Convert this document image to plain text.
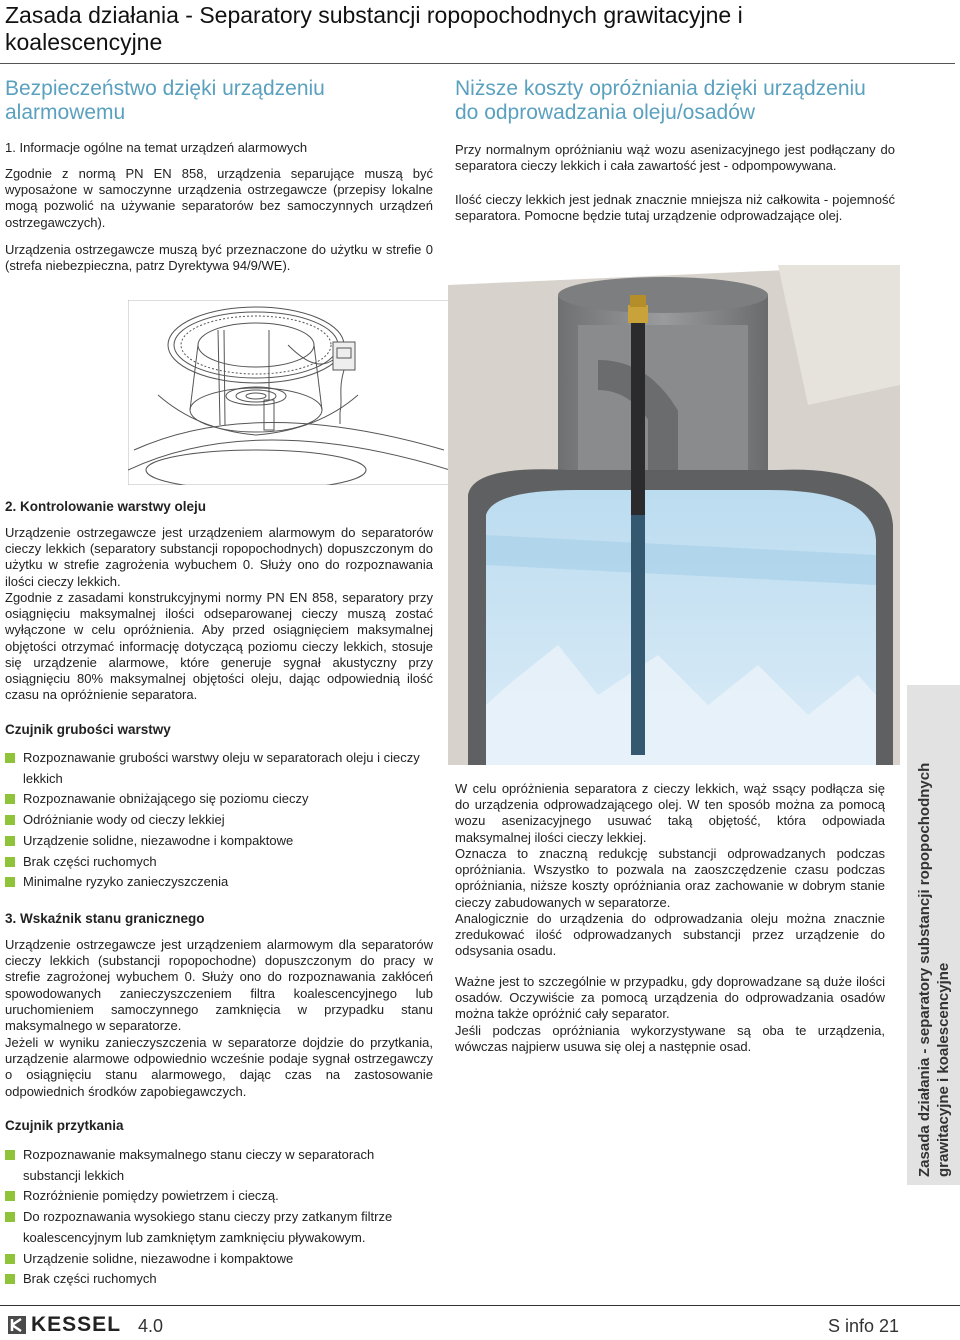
Zasada działania - Separatory substancji ropopochodnych grawitacyjne i koalescencyjne
Bezpieczeństwo dzięki urządzeniu alarmowemu
1. Informacje ogólne na temat urządzeń alarmowych

Zgodnie z normą PN EN 858, urządzenia separujące muszą być wyposażone w samoczynne urządzenia ostrzegawcze (przepisy lokalne mogą pozwolić na używanie separatorów bez samoczynnych urządzeń ostrzegawczych).

Urządzenia ostrzegawcze muszą być przeznaczone do użytku w strefie 0 (strefa niebezpieczna, patrz Dyrektywa 94/9/WE).

2. Kontrolowanie warstwy oleju

Urządzenie ostrzegawcze jest urządzeniem alarmowym do separatorów cieczy lekkich (separatory substancji ropopochodnych) dopuszczonym do użytku w strefie zagrożenia wybuchem 0. Służy ono do rozpoznawania ilości cieczy lekkich.

Zgodnie z zasadami konstrukcyjnymi normy PN EN 858, separatory przy osiągnięciu maksymalnej ilości odseparowanej cieczy muszą zostać wyłączone w celu opróżnienia. Aby przed osiągnięciem maksymalnej objętości otrzymać informację dotyczącą poziomu cieczy lekkich, stosuje się urządzenie alarmowe, które generuje sygnał akustyczny przy osiągnięciu 80% maksymalnej objętości oleju, dając odpowiednią ilość czasu na opróżnienie separatora.

Czujnik grubości warstwy
Rozpoznawanie grubości warstwy oleju w separatorach oleju i cieczy lekkich
Rozpoznawanie obniżającego się poziomu cieczy
Odróżnianie wody od cieczy lekkiej
Urządzenie solidne, niezawodne i kompaktowe
Brak części ruchomych
Minimalne ryzyko zanieczyszczenia
3. Wskaźnik stanu granicznego

Urządzenie ostrzegawcze jest urządzeniem alarmowym dla separatorów cieczy lekkich (substancji ropopochodne) dopuszczonym do pracy w strefie zagrożonej wybuchem 0. Służy ono do rozpoznawania zakłóceń spowodowanych zanieczyszczeniem filtra koalescencyjnego lub uruchomieniem samoczynnego zamknięcia w przypadku stanu maksymalnego w separatorze.

Jeżeli w wyniku zanieczyszczenia w separatorze dojdzie do przytkania, urządzenie alarmowe odpowiednio wcześnie podaje sygnał ostrzegawczy o osiągnięciu stanu alarmowego, dając czas na zastosowanie odpowiednich środków zapobiegawczych.

Czujnik przytkania
Rozpoznawanie maksymalnego stanu cieczy w separatorach substancji lekkich
Rozróżnienie pomiędzy powietrzem i cieczą.
Do rozpoznawania wysokiego stanu cieczy przy zatkanym filtrze koalescencyjnym lub zamkniętym zamknięciu pływakowym.
Urządzenie solidne, niezawodne i kompaktowe
Brak części ruchomych
Niższe koszty opróżniania dzięki urządzeniu do odprowadzania oleju/osadów

Przy normalnym opróżnianiu wąż wozu asenizacyjnego jest podłączany do separatora cieczy lekkich i cała zawartość jest - odpompowywana.

Ilość cieczy lekkich jest jednak znacznie mniejsza niż całkowita - pojemność separatora. Pomocne będzie tutaj urządzenie odprowadzające olej.

W celu opróżnienia separatora z cieczy lekkich, wąż ssący podłącza się do urządzenia odprowadzającego olej. W ten sposób można za pomocą wozu asenizacyjnego usuwać taką objętość, która odpowiada maksymalnej ilości cieczy lekkiej.

Oznacza to znaczną redukcję substancji odprowadzanych podczas opróżniania. Wszystko to pozwala na zaoszczędzenie czasu podczas opróżniania, niższe koszty opróżniania oraz zachowanie w dobrym stanie cieczy zabudowanych w separatorze.

Analogicznie do urządzenia do odprowadzania oleju można znacznie zredukować ilość odprowadzanych substancji przez urządzenie do odsysania osadu.

Ważne jest to szczególnie w przypadku, gdy doprowadzane są duże ilości osadów. Oczywiście za pomocą urządzenia do odprowadzania osadów można także opróżnić cały separator.

Jeśli podczas opróżniania wykorzystywane są oba te urządzenia, wówczas najpierw usuwa się olej a następnie osad.	Zasada działania - separatory substancji ropopochodnych grawitacyjne i koalescencyjne
KESSEL 4.0	S info 21
